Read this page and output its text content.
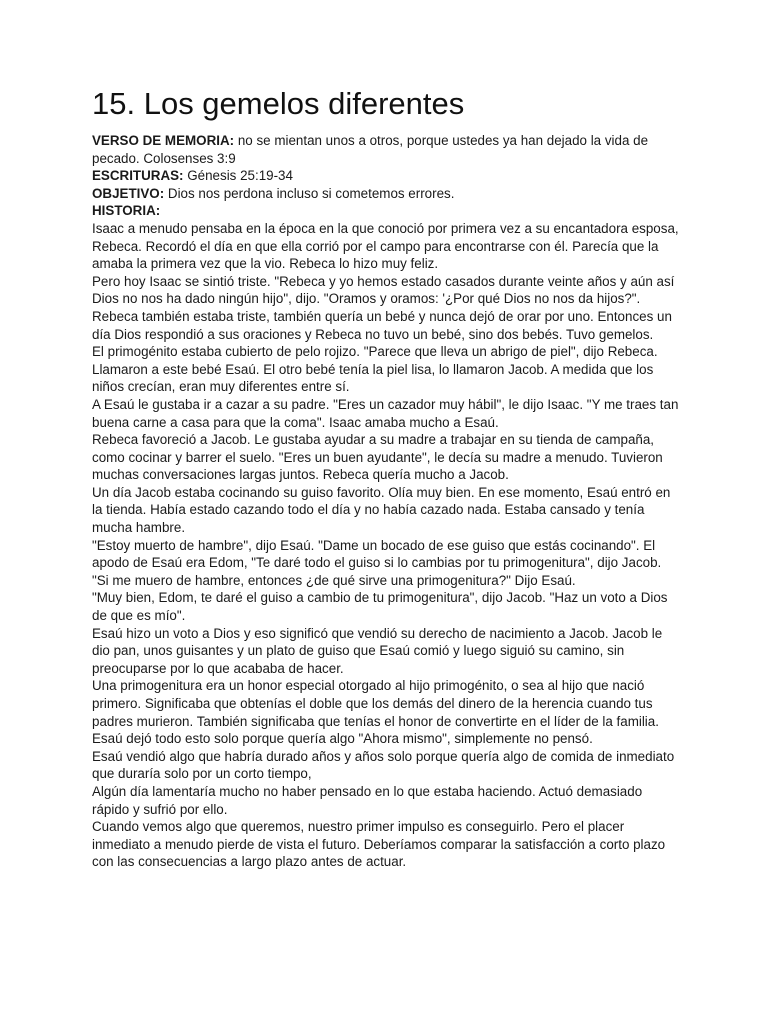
15. Los gemelos diferentes

VERSO DE MEMORIA: no se mientan unos a otros, porque ustedes ya han dejado la vida de pecado. Colosenses 3:9

ESCRITURAS: Génesis 25:19-34

OBJETIVO: Dios nos perdona incluso si cometemos errores.

HISTORIA:

Isaac a menudo pensaba en la época en la que conoció por primera vez a su encantadora esposa, Rebeca. Recordó el día en que ella corrió por el campo para encontrarse con él. Parecía que la amaba la primera vez que la vio. Rebeca lo hizo muy feliz.

Pero hoy Isaac se sintió triste. "Rebeca y yo hemos estado casados durante veinte años y aún así Dios no nos ha dado ningún hijo", dijo. "Oramos y oramos: '¿Por qué Dios no nos da hijos?". Rebeca también estaba triste, también quería un bebé y nunca dejó de orar por uno. Entonces un día Dios respondió a sus oraciones y Rebeca no tuvo un bebé, sino dos bebés. Tuvo gemelos.

El primogénito estaba cubierto de pelo rojizo. "Parece que lleva un abrigo de piel", dijo Rebeca. Llamaron a este bebé Esaú. El otro bebé tenía la piel lisa, lo llamaron Jacob. A medida que los niños crecían, eran muy diferentes entre sí.

A Esaú le gustaba ir a cazar a su padre. "Eres un cazador muy hábil", le dijo Isaac. "Y me traes tan buena carne a casa para que la coma". Isaac amaba mucho a Esaú.

Rebeca favoreció a Jacob. Le gustaba ayudar a su madre a trabajar en su tienda de campaña, como cocinar y barrer el suelo. "Eres un buen ayudante", le decía su madre a menudo. Tuvieron muchas conversaciones largas juntos. Rebeca quería mucho a Jacob.

Un día Jacob estaba cocinando su guiso favorito. Olía muy bien. En ese momento, Esaú entró en la tienda. Había estado cazando todo el día y no había cazado nada. Estaba cansado y tenía mucha hambre.

"Estoy muerto de hambre", dijo Esaú. "Dame un bocado de ese guiso que estás cocinando". El apodo de Esaú era Edom, "Te daré todo el guiso si lo cambias por tu primogenitura", dijo Jacob.

"Si me muero de hambre, entonces ¿de qué sirve una primogenitura?" Dijo Esaú.

"Muy bien, Edom, te daré el guiso a cambio de tu primogenitura", dijo Jacob. "Haz un voto a Dios de que es mío".

Esaú hizo un voto a Dios y eso significó que vendió su derecho de nacimiento a Jacob. Jacob le dio pan, unos guisantes y un plato de guiso que Esaú comió y luego siguió su camino, sin preocuparse por lo que acababa de hacer.

Una primogenitura era un honor especial otorgado al hijo primogénito, o sea al hijo que nació primero. Significaba que obtenías el doble que los demás del dinero de la herencia cuando tus padres murieron. También significaba que tenías el honor de convertirte en el líder de la familia.

Esaú dejó todo esto solo porque quería algo "Ahora mismo", simplemente no pensó.

Esaú vendió algo que habría durado años y años solo porque quería algo de comida de inmediato que duraría solo por un corto tiempo,

Algún día lamentaría mucho no haber pensado en lo que estaba haciendo. Actuó demasiado rápido y sufrió por ello.

Cuando vemos algo que queremos, nuestro primer impulso es conseguirlo. Pero el placer inmediato a menudo pierde de vista el futuro. Deberíamos comparar la satisfacción a corto plazo con las consecuencias a largo plazo antes de actuar.
